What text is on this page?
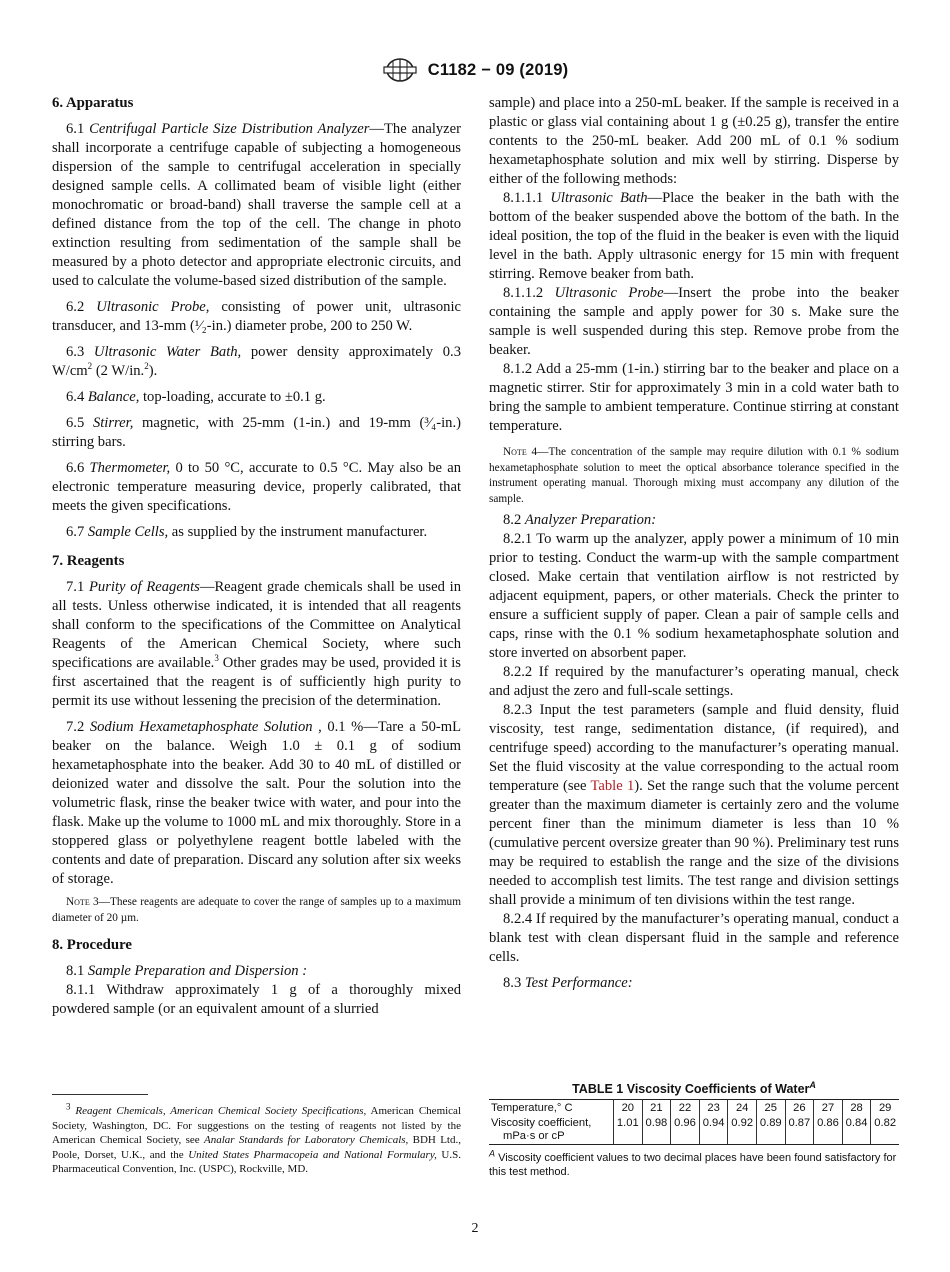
C1182 − 09 (2019)
6. Apparatus

6.1 Centrifugal Particle Size Distribution Analyzer—The analyzer shall incorporate a centrifuge capable of subjecting a homogeneous dispersion of the sample to centrifugal acceleration in specially designed sample cells. A collimated beam of visible light (either monochromatic or broad-band) shall traverse the sample cell at a defined distance from the top of the cell. The change in photo extinction resulting from sedimentation of the sample shall be measured by a photo detector and appropriate electronic circuits, and used to calculate the volume-based sized distribution of the sample.

6.2 Ultrasonic Probe, consisting of power unit, ultrasonic transducer, and 13-mm (¹⁄₂-in.) diameter probe, 200 to 250 W.

6.3 Ultrasonic Water Bath, power density approximately 0.3 $W/cm^2$ (2 W/in.$^2$).

6.4 Balance, top-loading, accurate to ±0.1 g.

6.5 Stirrer, magnetic, with 25-mm (1-in.) and 19-mm (³⁄₄-in.) stirring bars.

6.6 Thermometer, 0 to 50 °C, accurate to 0.5 °C. May also be an electronic temperature measuring device, properly calibrated, that meets the given specifications.

6.7 Sample Cells, as supplied by the instrument manufacturer.

7. Reagents

7.1 Purity of Reagents—Reagent grade chemicals shall be used in all tests. Unless otherwise indicated, it is intended that all reagents shall conform to the specifications of the Committee on Analytical Reagents of the American Chemical Society, where such specifications are available.$^3$ Other grades may be used, provided it is first ascertained that the reagent is of sufficiently high purity to permit its use without lessening the precision of the determination.

7.2 Sodium Hexametaphosphate Solution , 0.1 %—Tare a 50-mL beaker on the balance. Weigh 1.0 ± 0.1 g of sodium hexametaphosphate into the beaker. Add 30 to 40 mL of distilled or deionized water and dissolve the salt. Pour the solution into the volumetric flask, rinse the beaker twice with water, and pour into the flask. Make up the volume to 1000 mL and mix thoroughly. Store in a stoppered glass or polyethylene reagent bottle labeled with the contents and date of preparation. Discard any solution after six weeks of storage.

Note 3—These reagents are adequate to cover the range of samples up to a maximum diameter of 20 µm.

8. Procedure

8.1 Sample Preparation and Dispersion :

8.1.1 Withdraw approximately 1 g of a thoroughly mixed powdered sample (or an equivalent amount of a slurried

sample) and place into a 250-mL beaker. If the sample is received in a plastic or glass vial containing about 1 g (±0.25 g), transfer the entire contents to the 250-mL beaker. Add 200 mL of 0.1 % sodium hexametaphosphate solution and mix well by stirring. Disperse by either of the following methods:

8.1.1.1 Ultrasonic Bath—Place the beaker in the bath with the bottom of the beaker suspended above the bottom of the bath. In the ideal position, the top of the fluid in the beaker is even with the liquid level in the bath. Apply ultrasonic energy for 15 min with frequent stirring. Remove beaker from bath.

8.1.1.2 Ultrasonic Probe—Insert the probe into the beaker containing the sample and apply power for 30 s. Make sure the sample is well suspended during this step. Remove probe from the beaker.

8.1.2 Add a 25-mm (1-in.) stirring bar to the beaker and place on a magnetic stirrer. Stir for approximately 3 min in a cold water bath to bring the sample to ambient temperature. Continue stirring at constant temperature.

Note 4—The concentration of the sample may require dilution with 0.1 % sodium hexametaphosphate solution to meet the optical absorbance tolerance specified in the instrument operating manual. Thorough mixing must accompany any dilution of the sample.

8.2 Analyzer Preparation:

8.2.1 To warm up the analyzer, apply power a minimum of 10 min prior to testing. Conduct the warm-up with the sample compartment closed. Make certain that ventilation airflow is not restricted by adjacent equipment, papers, or other materials. Check the printer to ensure a sufficient supply of paper. Clean a pair of sample cells and caps, rinse with the 0.1 % sodium hexametaphosphate solution and store inverted on absorbent paper.

8.2.2 If required by the manufacturer’s operating manual, check and adjust the zero and full-scale settings.

8.2.3 Input the test parameters (sample and fluid density, fluid viscosity, test range, sedimentation distance, (if required), and centrifuge speed) according to the manufacturer’s operating manual. Set the fluid viscosity at the value corresponding to the actual room temperature (see Table 1). Set the range such that the volume percent greater than the maximum diameter is certainly zero and the volume percent finer than the minimum diameter is less than 10 % (cumulative percent oversize greater than 90 %). Preliminary test runs may be required to establish the range and the size of the divisions needed to accomplish test limits. The test range and division settings shall provide a minimum of ten divisions within the test range.

8.2.4 If required by the manufacturer’s operating manual, conduct a blank test with clean dispersant fluid in the sample and reference cells.

8.3 Test Performance:

$^3$ Reagent Chemicals, American Chemical Society Specifications, American Chemical Society, Washington, DC. For suggestions on the testing of reagents not listed by the American Chemical Society, see Analar Standards for Laboratory Chemicals, BDH Ltd., Poole, Dorset, U.K., and the United States Pharmacopeia and National Formulary, U.S. Pharmaceutical Convention, Inc. (USPC), Rockville, MD.

TABLE 1 Viscosity Coefficients of Water$^A$
Temperature,° C	20	21	22	23	24	25	26	27	28	29
Viscosity coefficient,
mPa·s or cP	1.01	0.98	0.96	0.94	0.92	0.89	0.87	0.86	0.84	0.82
$^A$ Viscosity coefficient values to two decimal places have been found satisfactory for this test method.
2
